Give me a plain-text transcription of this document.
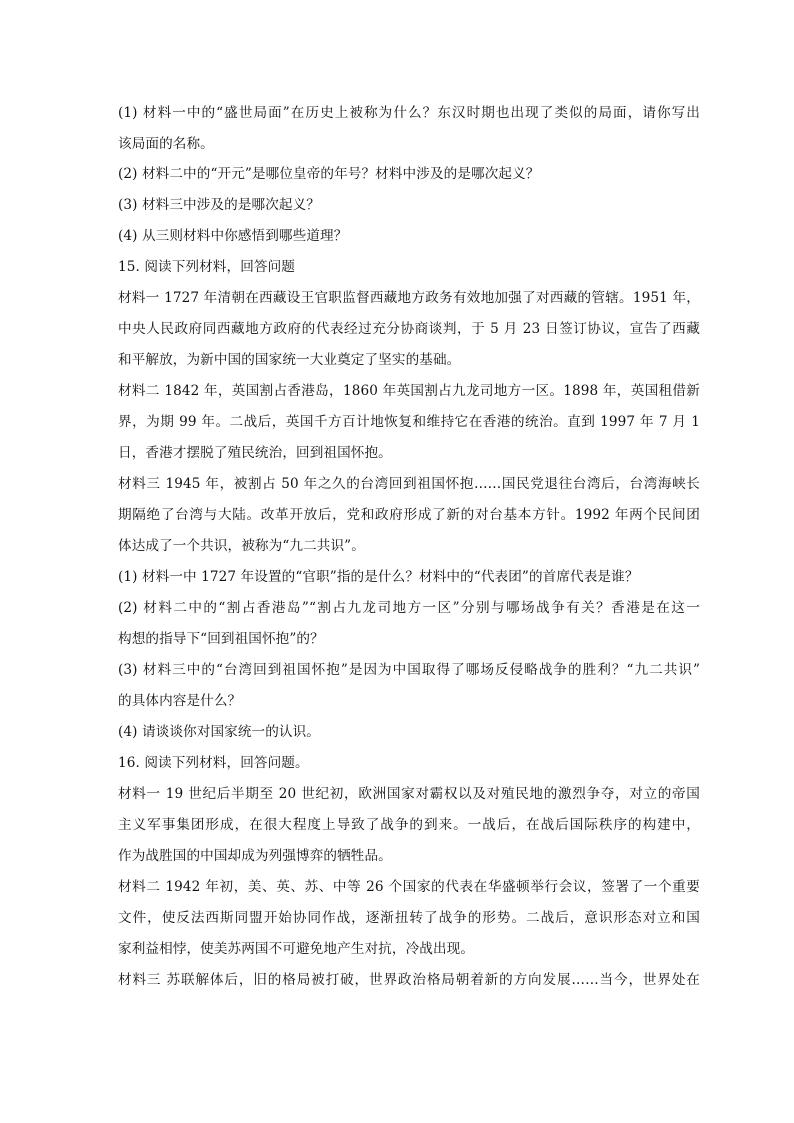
(1) 材料一中的“盛世局面”在历史上被称为什么？东汉时期也出现了类似的局面，请你写出
该局面的名称。
(2) 材料二中的“开元”是哪位皇帝的年号？材料中涉及的是哪次起义？
(3) 材料三中涉及的是哪次起义？
(4) 从三则材料中你感悟到哪些道理？
15. 阅读下列材料，回答问题
材料一 1727 年清朝在西藏设王官职监督西藏地方政务有效地加强了对西藏的管辖。1951 年，
中央人民政府同西藏地方政府的代表经过充分协商谈判，于 5 月 23 日签订协议，宣告了西藏
和平解放，为新中国的国家统一大业奠定了坚实的基础。
材料二 1842 年，英国割占香港岛，1860 年英国割占九龙司地方一区。1898 年，英国租借新
界，为期 99 年。二战后，英国千方百计地恢复和维持它在香港的统治。直到 1997 年 7 月 1
日，香港才摆脱了殖民统治，回到祖国怀抱。
材料三 1945 年，被割占 50 年之久的台湾回到祖国怀抱……国民党退往台湾后，台湾海峡长
期隔绝了台湾与大陆。改革开放后，党和政府形成了新的对台基本方针。1992 年两个民间团
体达成了一个共识，被称为“九二共识”。
(1) 材料一中 1727 年设置的“官职”指的是什么？材料中的“代表团”的首席代表是谁？
(2) 材料二中的“割占香港岛”“割占九龙司地方一区”分别与哪场战争有关？香港是在这一
构想的指导下“回到祖国怀抱”的？
(3) 材料三中的“台湾回到祖国怀抱”是因为中国取得了哪场反侵略战争的胜利？“九二共识”
的具体内容是什么？
(4) 请谈谈你对国家统一的认识。
16. 阅读下列材料，回答问题。
材料一 19 世纪后半期至 20 世纪初，欧洲国家对霸权以及对殖民地的激烈争夺，对立的帝国
主义军事集团形成，在很大程度上导致了战争的到来。一战后，在战后国际秩序的构建中，
作为战胜国的中国却成为列强博弈的牺牲品。
材料二 1942 年初，美、英、苏、中等 26 个国家的代表在华盛顿举行会议，签署了一个重要
文件，使反法西斯同盟开始协同作战，逐渐扭转了战争的形势。二战后，意识形态对立和国
家利益相悖，使美苏两国不可避免地产生对抗，冷战出现。
材料三 苏联解体后，旧的格局被打破，世界政治格局朝着新的方向发展……当今，世界处在
